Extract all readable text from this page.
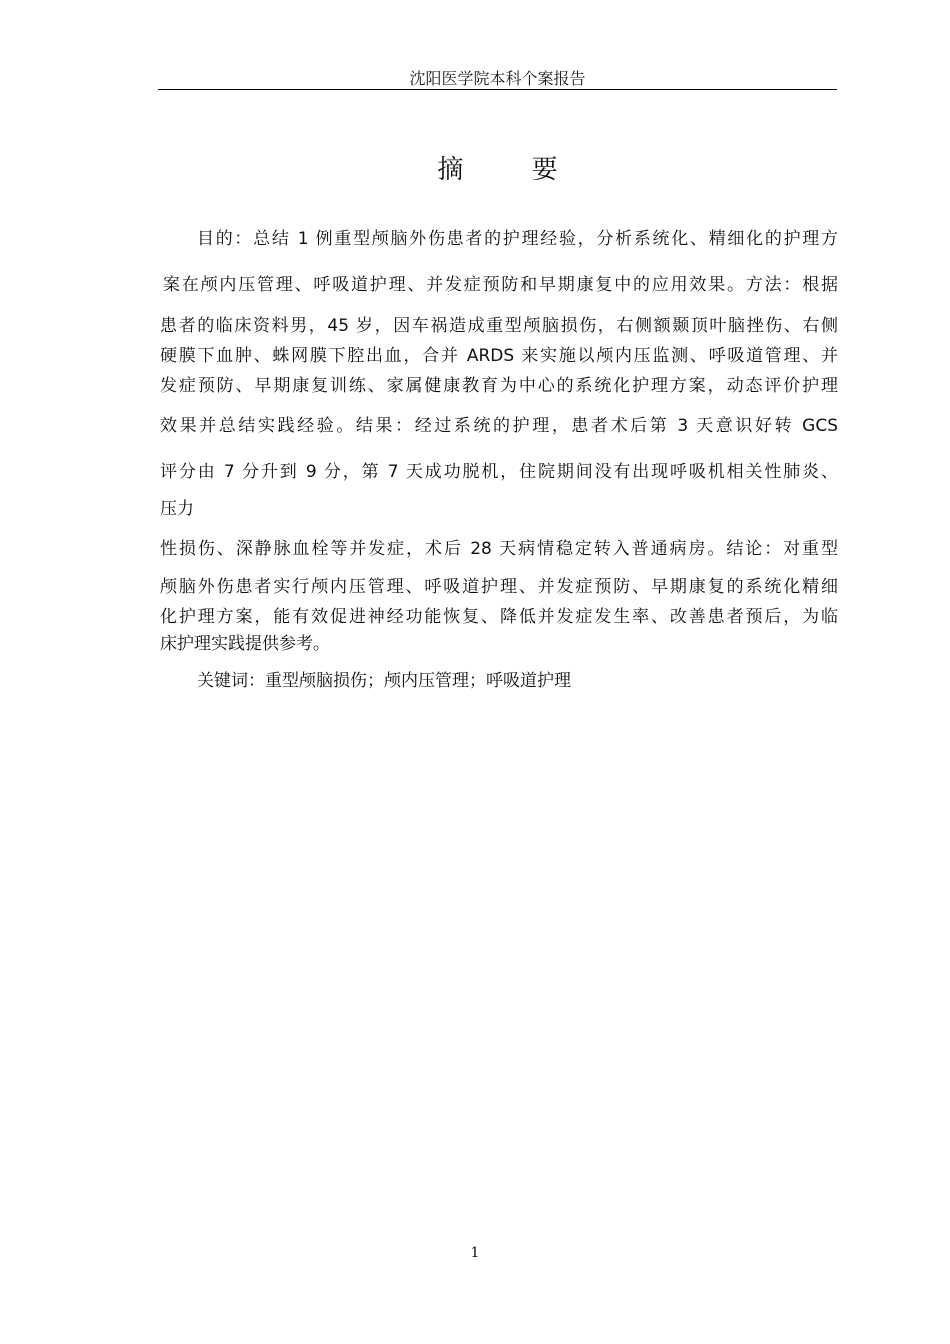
沈阳医学院本科个案报告
摘 要
目的：总结 1 例重型颅脑外伤患者的护理经验，分析系统化、精细化的护理方
案在颅内压管理、呼吸道护理、并发症预防和早期康复中的应用效果。方法：根据
患者的临床资料男，45 岁，因车祸造成重型颅脑损伤，右侧额颞顶叶脑挫伤、右侧
硬膜下血肿、蛛网膜下腔出血，合并 ARDS 来实施以颅内压监测、呼吸道管理、并
发症预防、早期康复训练、家属健康教育为中心的系统化护理方案，动态评价护理
效果并总结实践经验。结果：经过系统的护理，患者术后第 3 天意识好转 GCS
评分由 7 分升到 9 分，第 7 天成功脱机，住院期间没有出现呼吸机相关性肺炎、
压力
性损伤、深静脉血栓等并发症，术后 28 天病情稳定转入普通病房。结论：对重型
颅脑外伤患者实行颅内压管理、呼吸道护理、并发症预防、早期康复的系统化精细
化护理方案，能有效促进神经功能恢复、降低并发症发生率、改善患者预后，为临
床护理实践提供参考。
关键词：重型颅脑损伤；颅内压管理；呼吸道护理
1
